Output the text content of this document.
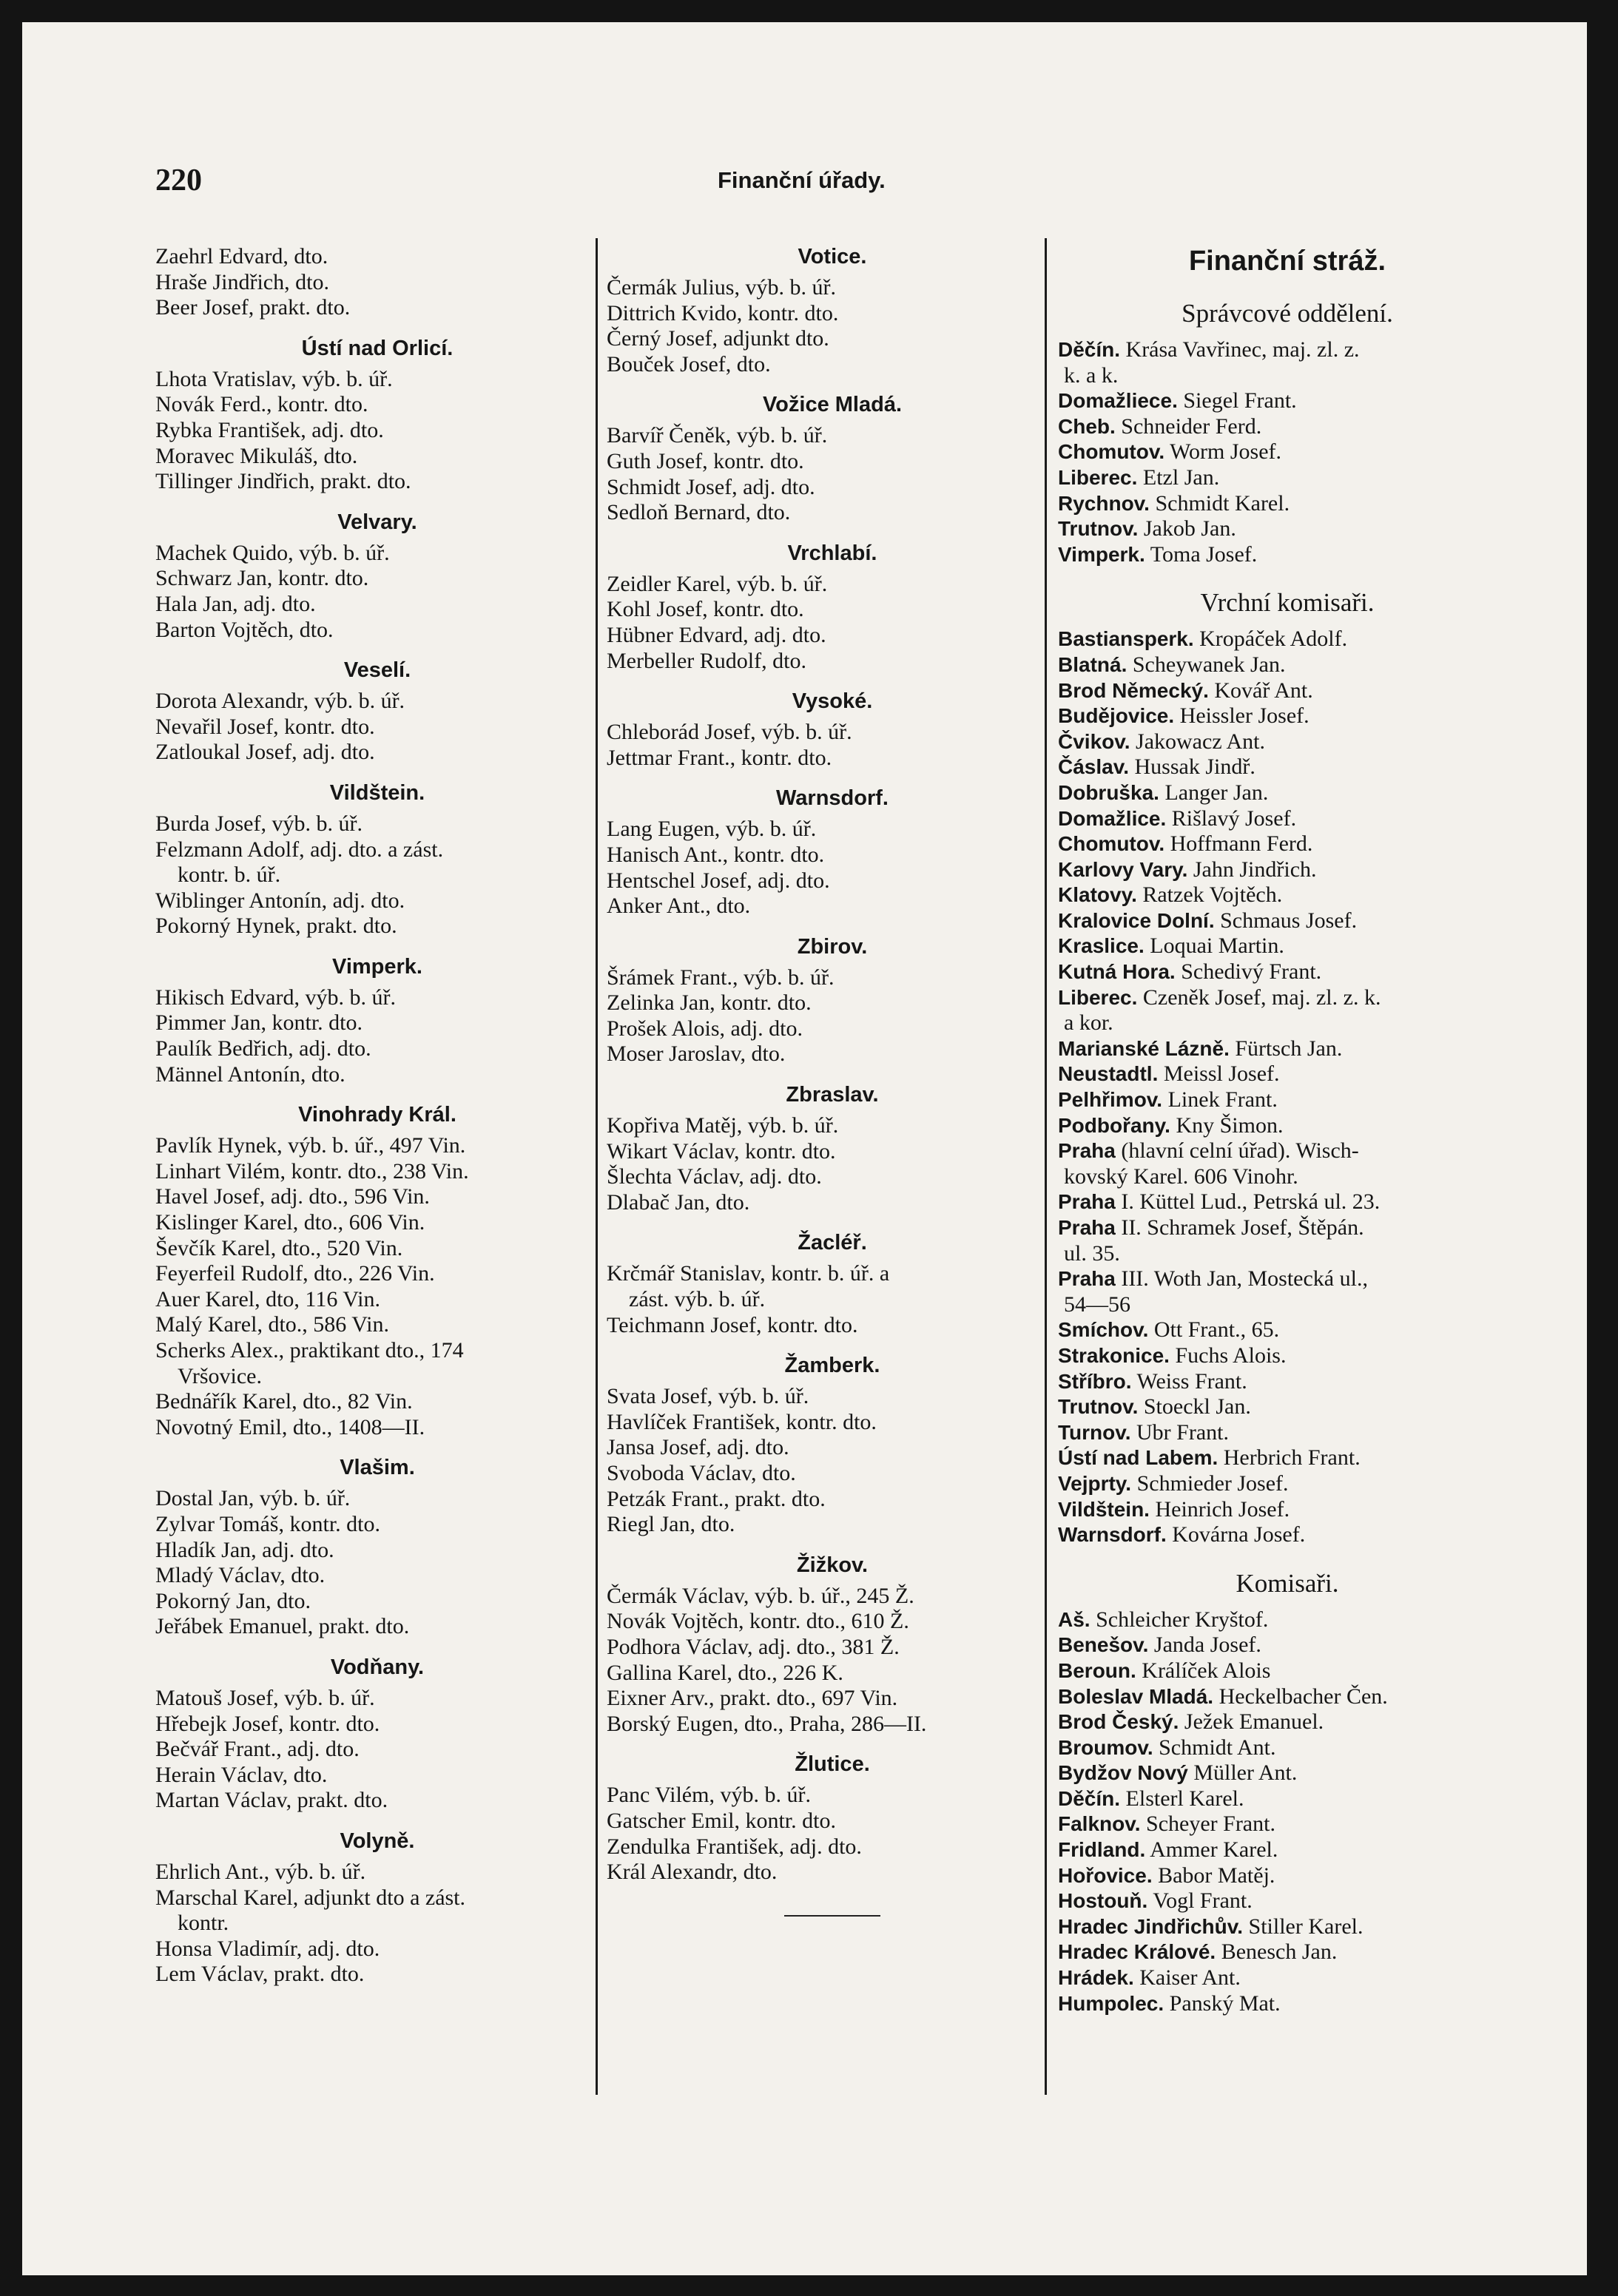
220	Finanční úřady.
Zaehrl Edvard, dto.
Hraše Jindřich, dto.
Beer Josef, prakt. dto.
Ústí nad Orlicí.
Lhota Vratislav, výb. b. úř.
Novák Ferd., kontr. dto.
Rybka František, adj. dto.
Moravec Mikuláš, dto.
Tillinger Jindřich, prakt. dto.
Velvary.
Machek Quido, výb. b. úř.
Schwarz Jan, kontr. dto.
Hala Jan, adj. dto.
Barton Vojtěch, dto.
Veselí.
Dorota Alexandr, výb. b. úř.
Nevařil Josef, kontr. dto.
Zatloukal Josef, adj. dto.
Vildštein.
Burda Josef, výb. b. úř.
Felzmann Adolf, adj. dto. a zást.
kontr. b. úř.
Wiblinger Antonín, adj. dto.
Pokorný Hynek, prakt. dto.
Vimperk.
Hikisch Edvard, výb. b. úř.
Pimmer Jan, kontr. dto.
Paulík Bedřich, adj. dto.
Männel Antonín, dto.
Vinohrady Král.
Pavlík Hynek, výb. b. úř., 497 Vin.
Linhart Vilém, kontr. dto., 238 Vin.
Havel Josef, adj. dto., 596 Vin.
Kislinger Karel, dto., 606 Vin.
Ševčík Karel, dto., 520 Vin.
Feyerfeil Rudolf, dto., 226 Vin.
Auer Karel, dto, 116 Vin.
Malý Karel, dto., 586 Vin.
Scherks Alex., praktikant dto., 174
Vršovice.
Bednářík Karel, dto., 82 Vin.
Novotný Emil, dto., 1408—II.
Vlašim.
Dostal Jan, výb. b. úř.
Zylvar Tomáš, kontr. dto.
Hladík Jan, adj. dto.
Mladý Václav, dto.
Pokorný Jan, dto.
Jeřábek Emanuel, prakt. dto.
Vodňany.
Matouš Josef, výb. b. úř.
Hřebejk Josef, kontr. dto.
Bečvář Frant., adj. dto.
Herain Václav, dto.
Martan Václav, prakt. dto.
Volyně.
Ehrlich Ant., výb. b. úř.
Marschal Karel, adjunkt dto a zást.
kontr.
Honsa Vladimír, adj. dto.
Lem Václav, prakt. dto.
Votice.
Čermák Julius, výb. b. úř.
Dittrich Kvido, kontr. dto.
Černý Josef, adjunkt dto.
Bouček Josef, dto.
Vožice Mladá.
Barvíř Čeněk, výb. b. úř.
Guth Josef, kontr. dto.
Schmidt Josef, adj. dto.
Sedloň Bernard, dto.
Vrchlabí.
Zeidler Karel, výb. b. úř.
Kohl Josef, kontr. dto.
Hübner Edvard, adj. dto.
Merbeller Rudolf, dto.
Vysoké.
Chleborád Josef, výb. b. úř.
Jettmar Frant., kontr. dto.
Warnsdorf.
Lang Eugen, výb. b. úř.
Hanisch Ant., kontr. dto.
Hentschel Josef, adj. dto.
Anker Ant., dto.
Zbirov.
Šrámek Frant., výb. b. úř.
Zelinka Jan, kontr. dto.
Prošek Alois, adj. dto.
Moser Jaroslav, dto.
Zbraslav.
Kopřiva Matěj, výb. b. úř.
Wikart Václav, kontr. dto.
Šlechta Václav, adj. dto.
Dlabač Jan, dto.
Žacléř.
Krčmář Stanislav, kontr. b. úř. a
zást. výb. b. úř.
Teichmann Josef, kontr. dto.
Žamberk.
Svata Josef, výb. b. úř.
Havlíček František, kontr. dto.
Jansa Josef, adj. dto.
Svoboda Václav, dto.
Petzák Frant., prakt. dto.
Riegl Jan, dto.
Žižkov.
Čermák Václav, výb. b. úř., 245 Ž.
Novák Vojtěch, kontr. dto., 610 Ž.
Podhora Václav, adj. dto., 381 Ž.
Gallina Karel, dto., 226 K.
Eixner Arv., prakt. dto., 697 Vin.
Borský Eugen, dto., Praha, 286—II.
Žlutice.
Panc Vilém, výb. b. úř.
Gatscher Emil, kontr. dto.
Zendulka František, adj. dto.
Král Alexandr, dto.
Finanční stráž.
Správcové oddělení.
Děčín. Krása Vavřinec, maj. zl. z.
k. a k.
Domažliece. Siegel Frant.
Cheb. Schneider Ferd.
Chomutov. Worm Josef.
Liberec. Etzl Jan.
Rychnov. Schmidt Karel.
Trutnov. Jakob Jan.
Vimperk. Toma Josef.
Vrchní komisaři.
Bastiansperk. Kropáček Adolf.
Blatná. Scheywanek Jan.
Brod Německý. Kovář Ant.
Budějovice. Heissler Josef.
Čvikov. Jakowacz Ant.
Čáslav. Hussak Jindř.
Dobruška. Langer Jan.
Domažlice. Rišlavý Josef.
Chomutov. Hoffmann Ferd.
Karlovy Vary. Jahn Jindřich.
Klatovy. Ratzek Vojtěch.
Kralovice Dolní. Schmaus Josef.
Kraslice. Loquai Martin.
Kutná Hora. Schedivý Frant.
Liberec. Czeněk Josef, maj. zl. z. k.
a kor.
Marianské Lázně. Fürtsch Jan.
Neustadtl. Meissl Josef.
Pelhřimov. Linek Frant.
Podbořany. Kny Šimon.
Praha (hlavní celní úřad). Wisch-
kovský Karel. 606 Vinohr.
Praha I. Küttel Lud., Petrská ul. 23.
Praha II. Schramek Josef, Štěpán.
ul. 35.
Praha III. Woth Jan, Mostecká ul.,
54—56
Smíchov. Ott Frant., 65.
Strakonice. Fuchs Alois.
Stříbro. Weiss Frant.
Trutnov. Stoeckl Jan.
Turnov. Ubr Frant.
Ústí nad Labem. Herbrich Frant.
Vejprty. Schmieder Josef.
Vildštein. Heinrich Josef.
Warnsdorf. Kovárna Josef.
Komisaři.
Aš. Schleicher Kryštof.
Benešov. Janda Josef.
Beroun. Králíček Alois
Boleslav Mladá. Heckelbacher Čen.
Brod Český. Ježek Emanuel.
Broumov. Schmidt Ant.
Bydžov Nový Müller Ant.
Děčín. Elsterl Karel.
Falknov. Scheyer Frant.
Fridland. Ammer Karel.
Hořovice. Babor Matěj.
Hostouň. Vogl Frant.
Hradec Jindřichův. Stiller Karel.
Hradec Králové. Benesch Jan.
Hrádek. Kaiser Ant.
Humpolec. Panský Mat.
